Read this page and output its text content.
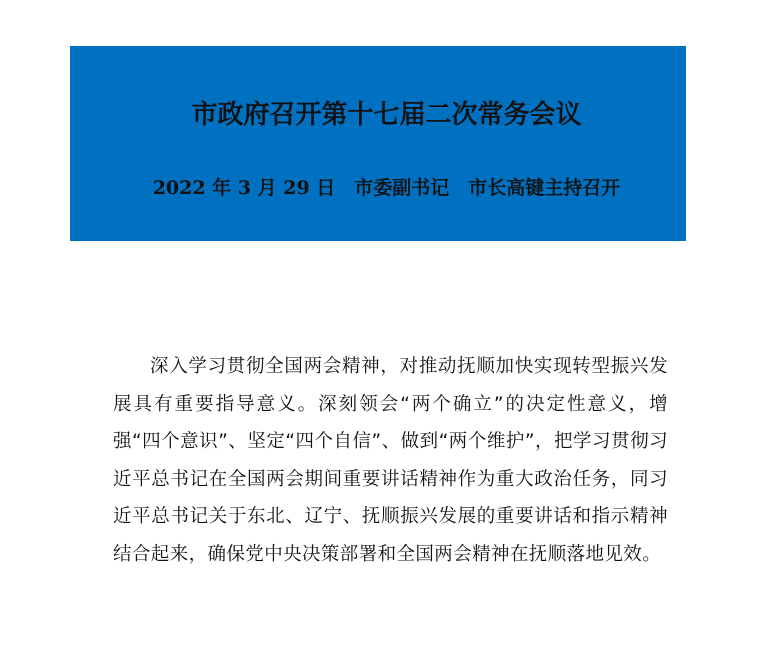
市政府召开第十七届二次常务会议
2022 年 3 月 29 日　市委副书记　市长高键主持召开

深入学习贯彻全国两会精神，对推动抚顺加快实现转型振兴发展具有重要指导意义。深刻领会“两个确立”的决定性意义，增强“四个意识”、坚定“四个自信”、做到“两个维护”，把学习贯彻习近平总书记在全国两会期间重要讲话精神作为重大政治任务，同习近平总书记关于东北、辽宁、抚顺振兴发展的重要讲话和指示精神结合起来，确保党中央决策部署和全国两会精神在抚顺落地见效。
